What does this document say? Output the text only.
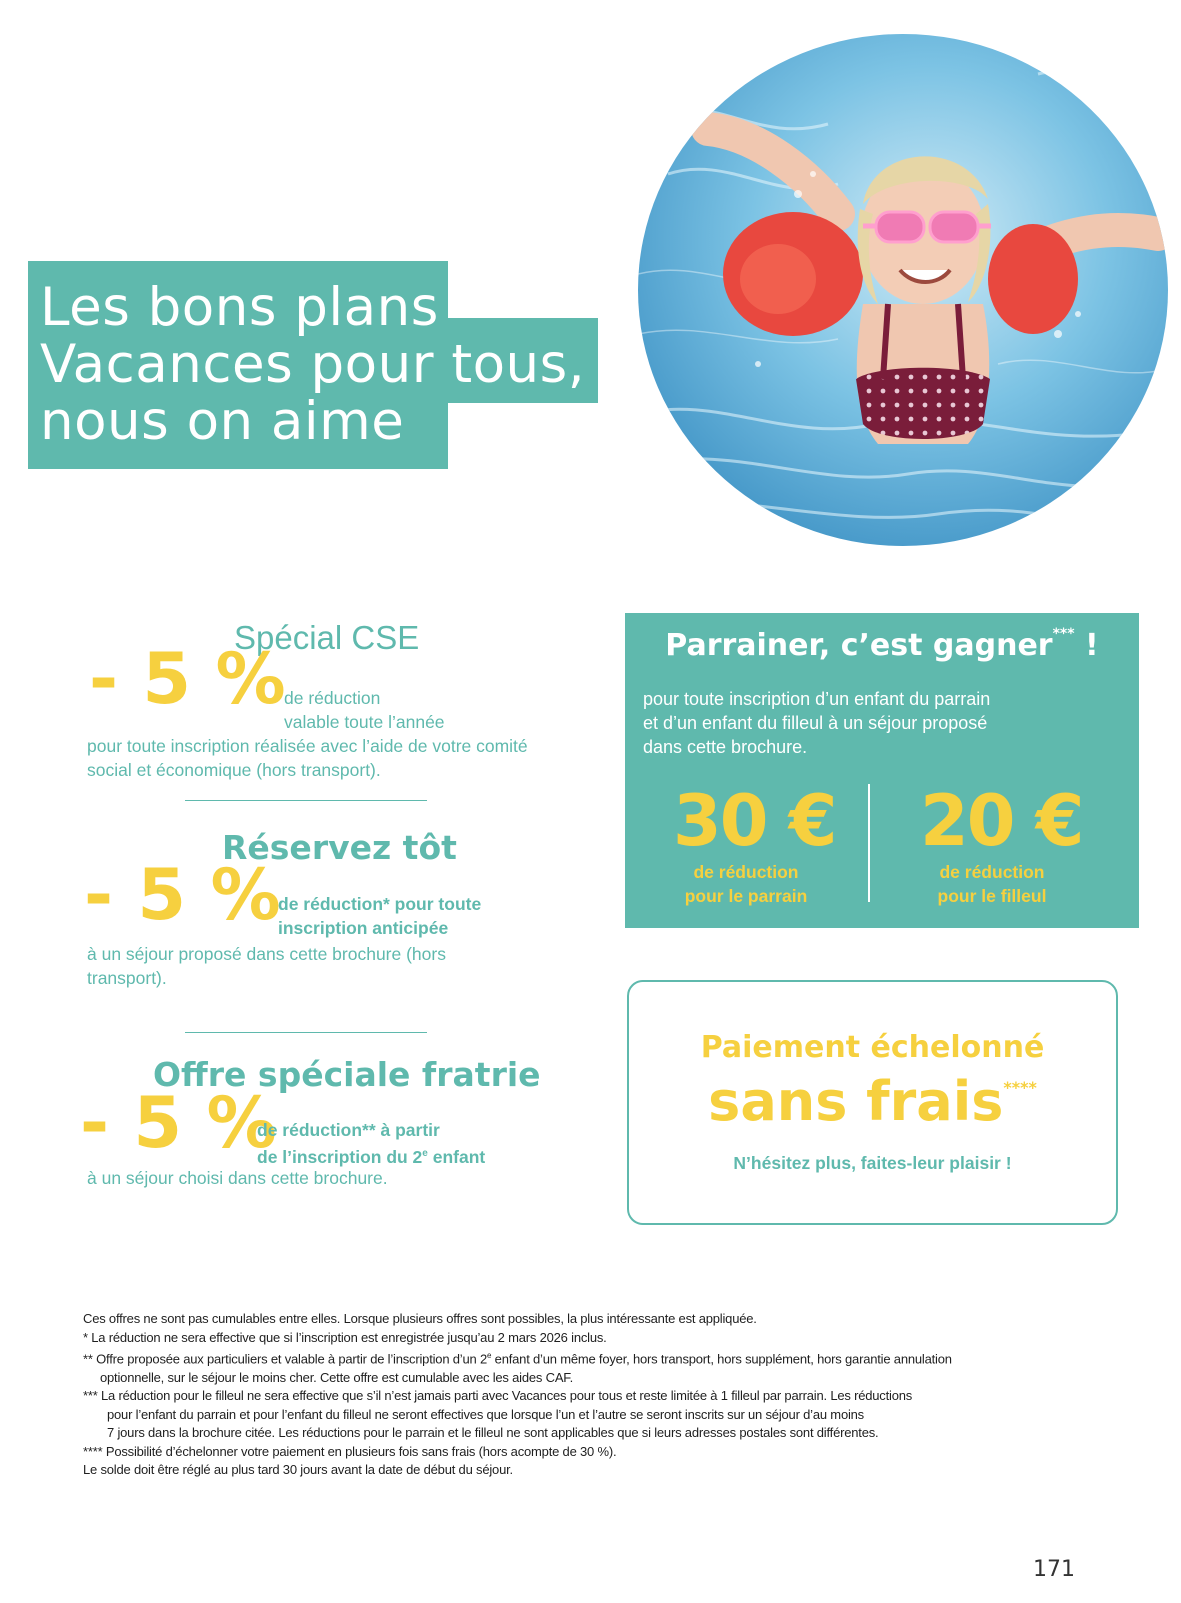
Les bons plans
Vacances pour tous,
nous on aime
Spécial CSE
- 5 %
de réduction
valable toute l’année
pour toute inscription réalisée avec l’aide de votre comité
social et économique (hors transport).
Réservez tôt
- 5 %
de réduction* pour toute
inscription anticipée
à un séjour proposé dans cette brochure (hors
transport).
Offre spéciale fratrie
- 5 %
de réduction** à partir
de l’inscription du 2e enfant
à un séjour choisi dans cette brochure.
Parrainer, c’est gagner*** !
pour toute inscription d’un enfant du parrain
et d’un enfant du filleul à un séjour proposé
dans cette brochure.
30 €
de réduction
pour le parrain
20 €
de réduction
pour le filleul
Paiement échelonné
sans frais****
N’hésitez plus, faites-leur plaisir !
Ces offres ne sont pas cumulables entre elles. Lorsque plusieurs offres sont possibles, la plus intéressante est appliquée.
* La réduction ne sera effective que si l’inscription est enregistrée jusqu’au 2 mars 2026 inclus.
** Offre proposée aux particuliers et valable à partir de l’inscription d’un 2e enfant d’un même foyer, hors transport, hors supplément, hors garantie annulation
optionnelle, sur le séjour le moins cher. Cette offre est cumulable avec les aides CAF.
*** La réduction pour le filleul ne sera effective que s’il n’est jamais parti avec Vacances pour tous et reste limitée à 1 filleul par parrain. Les réductions
pour l’enfant du parrain et pour l’enfant du filleul ne seront effectives que lorsque l’un et l’autre se seront inscrits sur un séjour d’au moins
7 jours dans la brochure citée. Les réductions pour le parrain et le filleul ne sont applicables que si leurs adresses postales sont différentes.
**** Possibilité d’échelonner votre paiement en plusieurs fois sans frais (hors acompte de 30 %).
Le solde doit être réglé au plus tard 30 jours avant la date de début du séjour.
171
